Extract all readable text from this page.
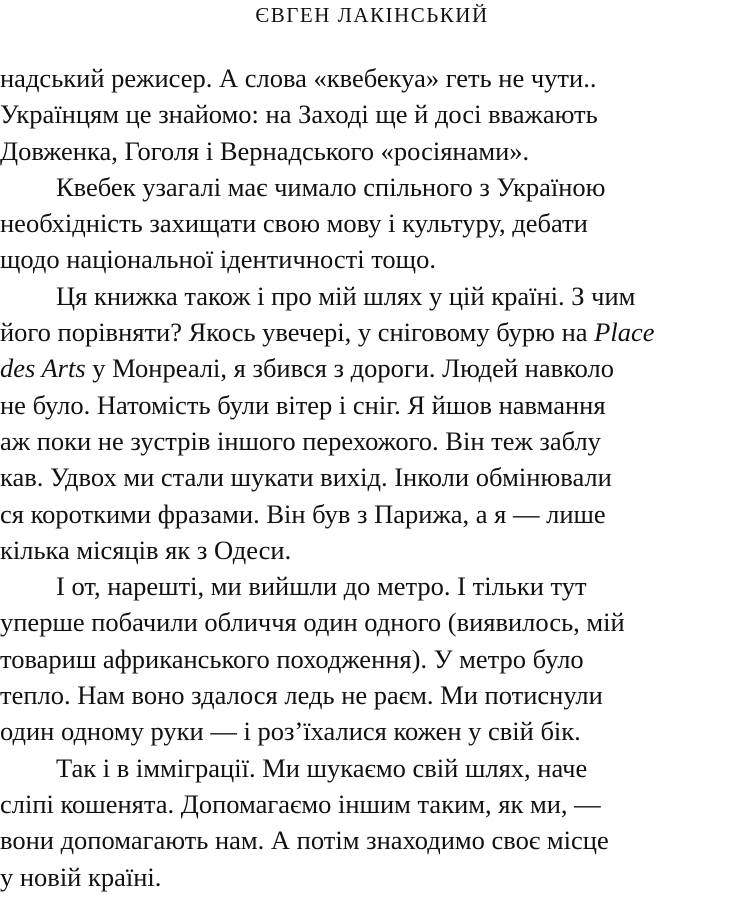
ЄВГЕН ЛАКІНСЬКИЙ
надський режисер. А слова «квебекуа» геть не чути..
Українцям це знайомо: на Заході ще й досі вважають
Довженка, Гоголя і Вернадського «росіянами».
Квебек узагалі має чимало спільного з Україною
необхідність захищати свою мову і культуру, дебати
щодо національної ідентичності тощо.
Ця книжка також і про мій шлях у цій країні. З чим
його порівняти? Якось увечері, у сніговому бурю на Place
des Arts у Монреалі, я збився з дороги. Людей навколо
не було. Натомість були вітер і сніг. Я йшов навмання
аж поки не зустрів іншого перехожого. Він теж заблу
кав. Удвох ми стали шукати вихід. Інколи обмінювали
ся короткими фразами. Він був з Парижа, а я — лише
кілька місяців як з Одеси.
І от, нарешті, ми вийшли до метро. І тільки тут
уперше побачили обличчя один одного (виявилось, мій
товариш африканського походження). У метро було
тепло. Нам воно здалося ледь не раєм. Ми потиснули
один одному руки — і роз’їхалися кожен у свій бік.
Так і в імміграції. Ми шукаємо свій шлях, наче
сліпі кошенята. Допомагаємо іншим таким, як ми, —
вони допомагають нам. А потім знаходимо своє місце
у новій країні.
